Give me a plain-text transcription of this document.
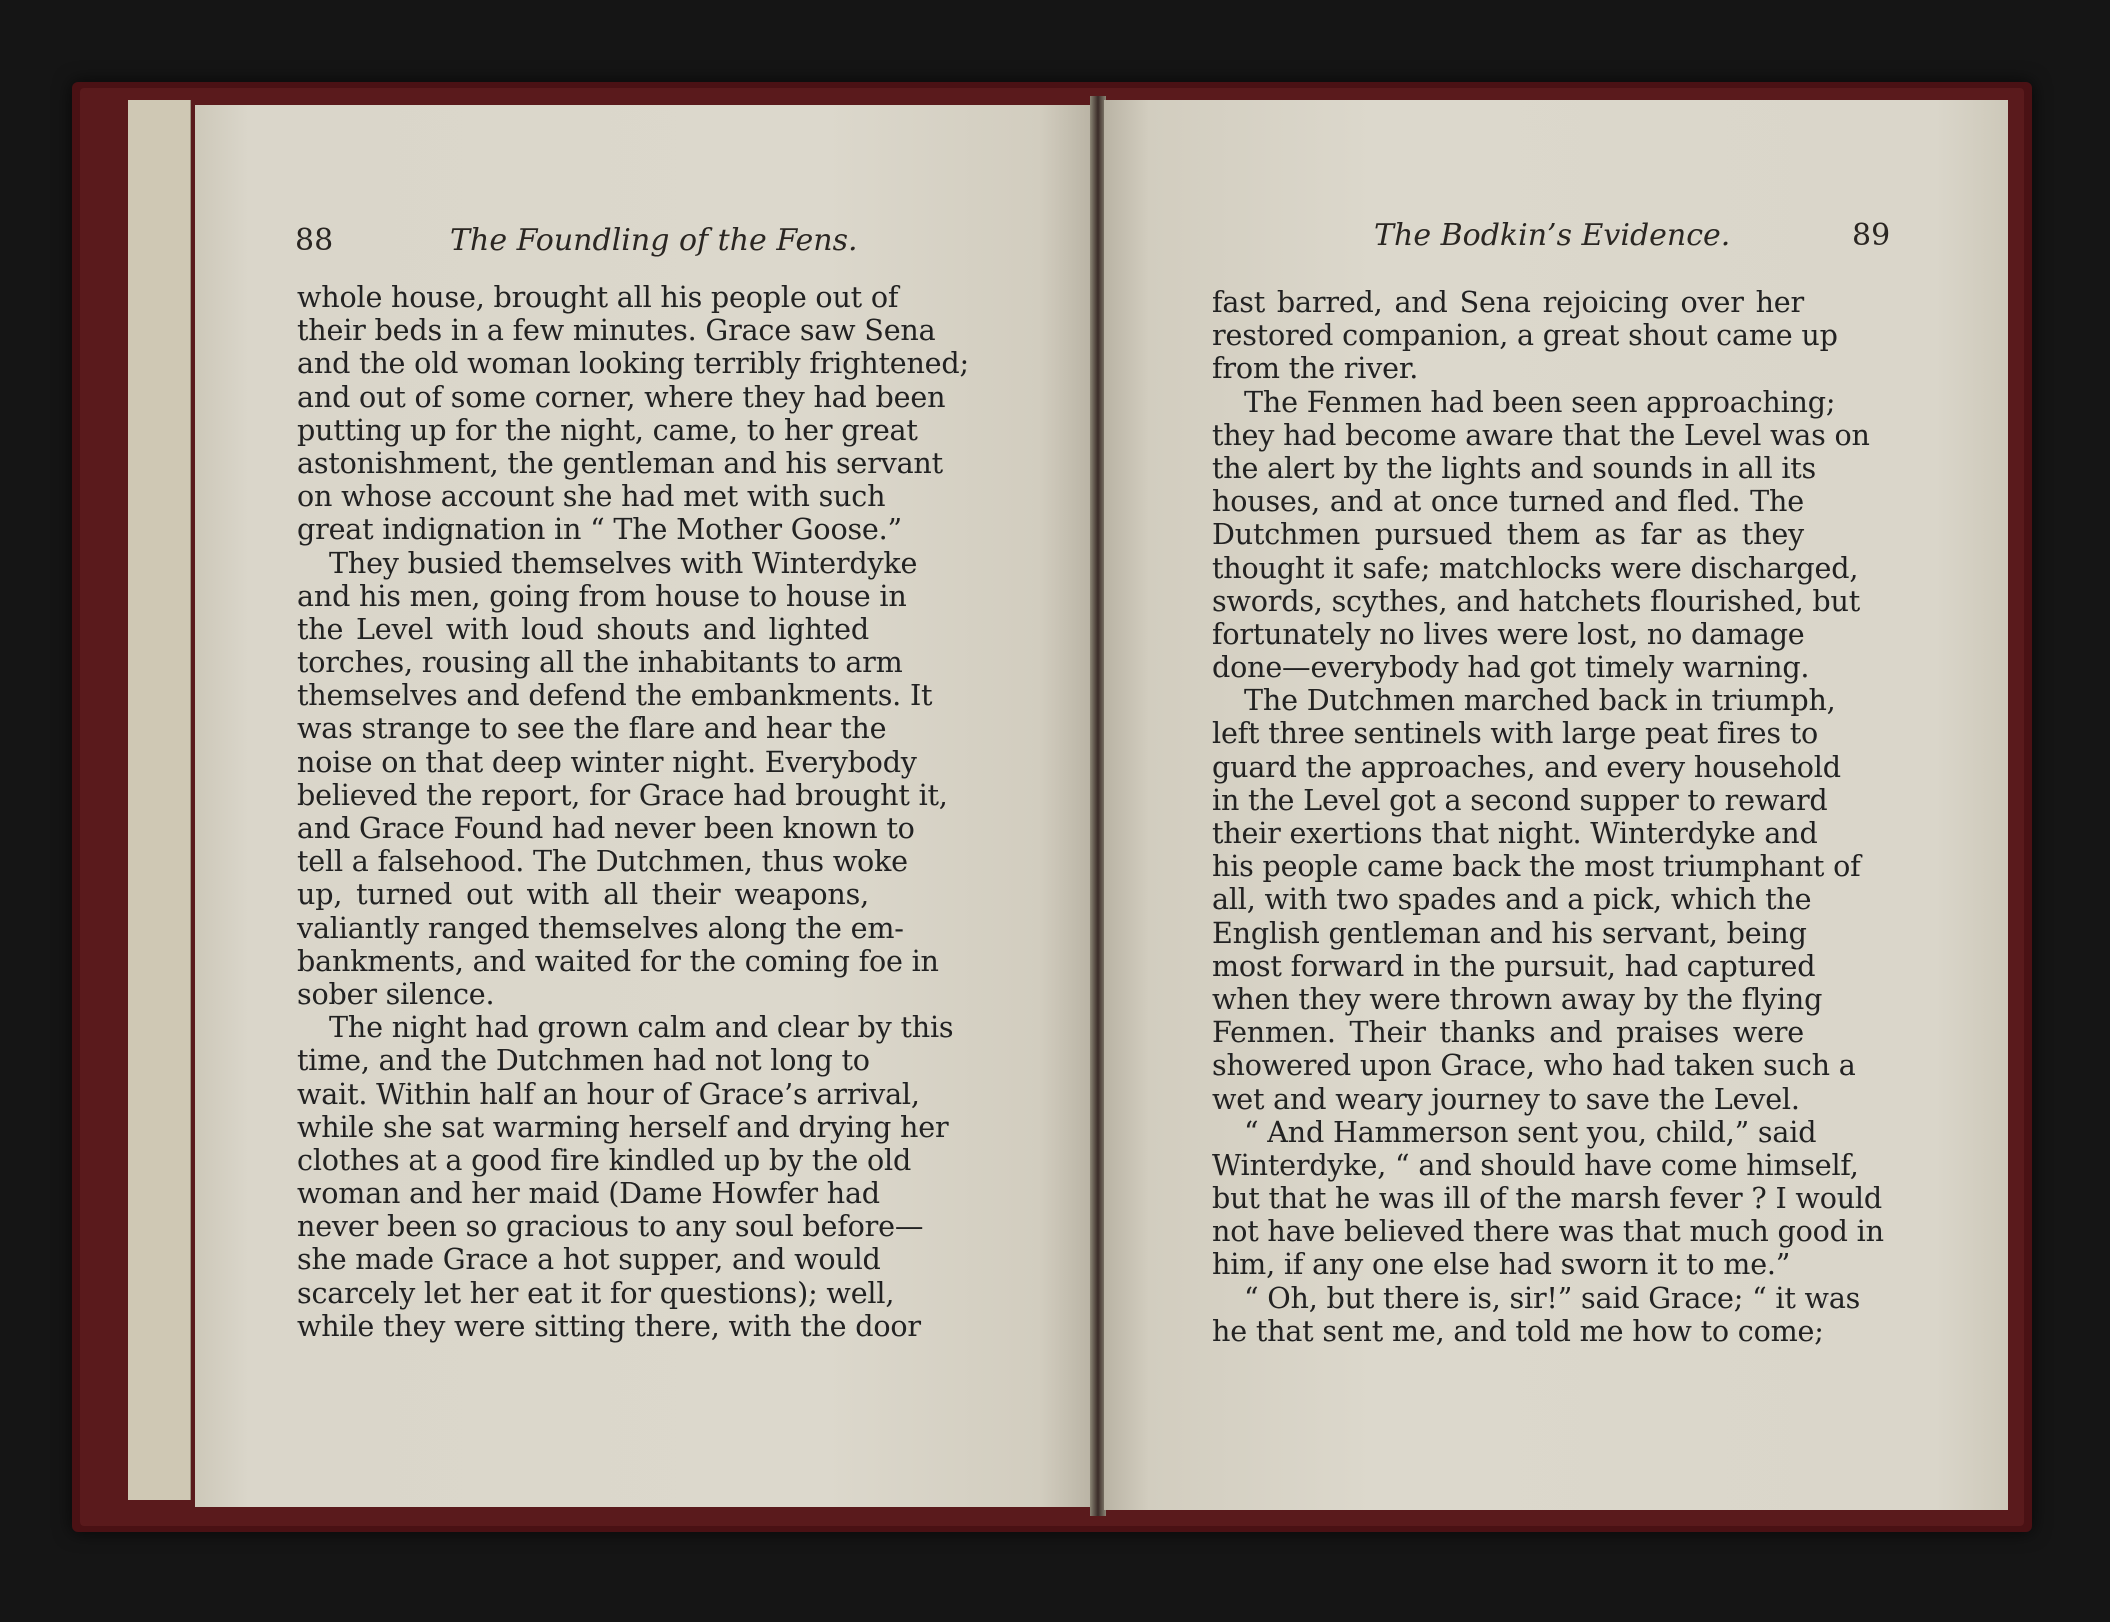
88	The Foundling of the Fens.
whole house, brought all his people out of
their beds in a few minutes. Grace saw Sena
and the old woman looking terribly frightened;
and out of some corner, where they had been
putting up for the night, came, to her great
astonishment, the gentleman and his servant
on whose account she had met with such
great indignation in “ The Mother Goose.”
They busied themselves with Winterdyke
and his men, going from house to house in
the Level with loud shouts and lighted
torches, rousing all the inhabitants to arm
themselves and defend the embankments. It
was strange to see the flare and hear the
noise on that deep winter night. Everybody
believed the report, for Grace had brought it,
and Grace Found had never been known to
tell a falsehood. The Dutchmen, thus woke
up, turned out with all their weapons,
valiantly ranged themselves along the em-
bankments, and waited for the coming foe in
sober silence.
The night had grown calm and clear by this
time, and the Dutchmen had not long to
wait. Within half an hour of Grace’s arrival,
while she sat warming herself and drying her
clothes at a good fire kindled up by the old
woman and her maid (Dame Howfer had
never been so gracious to any soul before—
she made Grace a hot supper, and would
scarcely let her eat it for questions); well,
while they were sitting there, with the door
The Bodkin’s Evidence.	89
fast barred, and Sena rejoicing over her
restored companion, a great shout came up
from the river.
The Fenmen had been seen approaching;
they had become aware that the Level was on
the alert by the lights and sounds in all its
houses, and at once turned and fled. The
Dutchmen pursued them as far as they
thought it safe; matchlocks were discharged,
swords, scythes, and hatchets flourished, but
fortunately no lives were lost, no damage
done—everybody had got timely warning.
The Dutchmen marched back in triumph,
left three sentinels with large peat fires to
guard the approaches, and every household
in the Level got a second supper to reward
their exertions that night. Winterdyke and
his people came back the most triumphant of
all, with two spades and a pick, which the
English gentleman and his servant, being
most forward in the pursuit, had captured
when they were thrown away by the flying
Fenmen. Their thanks and praises were
showered upon Grace, who had taken such a
wet and weary journey to save the Level.
“ And Hammerson sent you, child,” said
Winterdyke, “ and should have come himself,
but that he was ill of the marsh fever ? I would
not have believed there was that much good in
him, if any one else had sworn it to me.”
“ Oh, but there is, sir!” said Grace; “ it was
he that sent me, and told me how to come;
